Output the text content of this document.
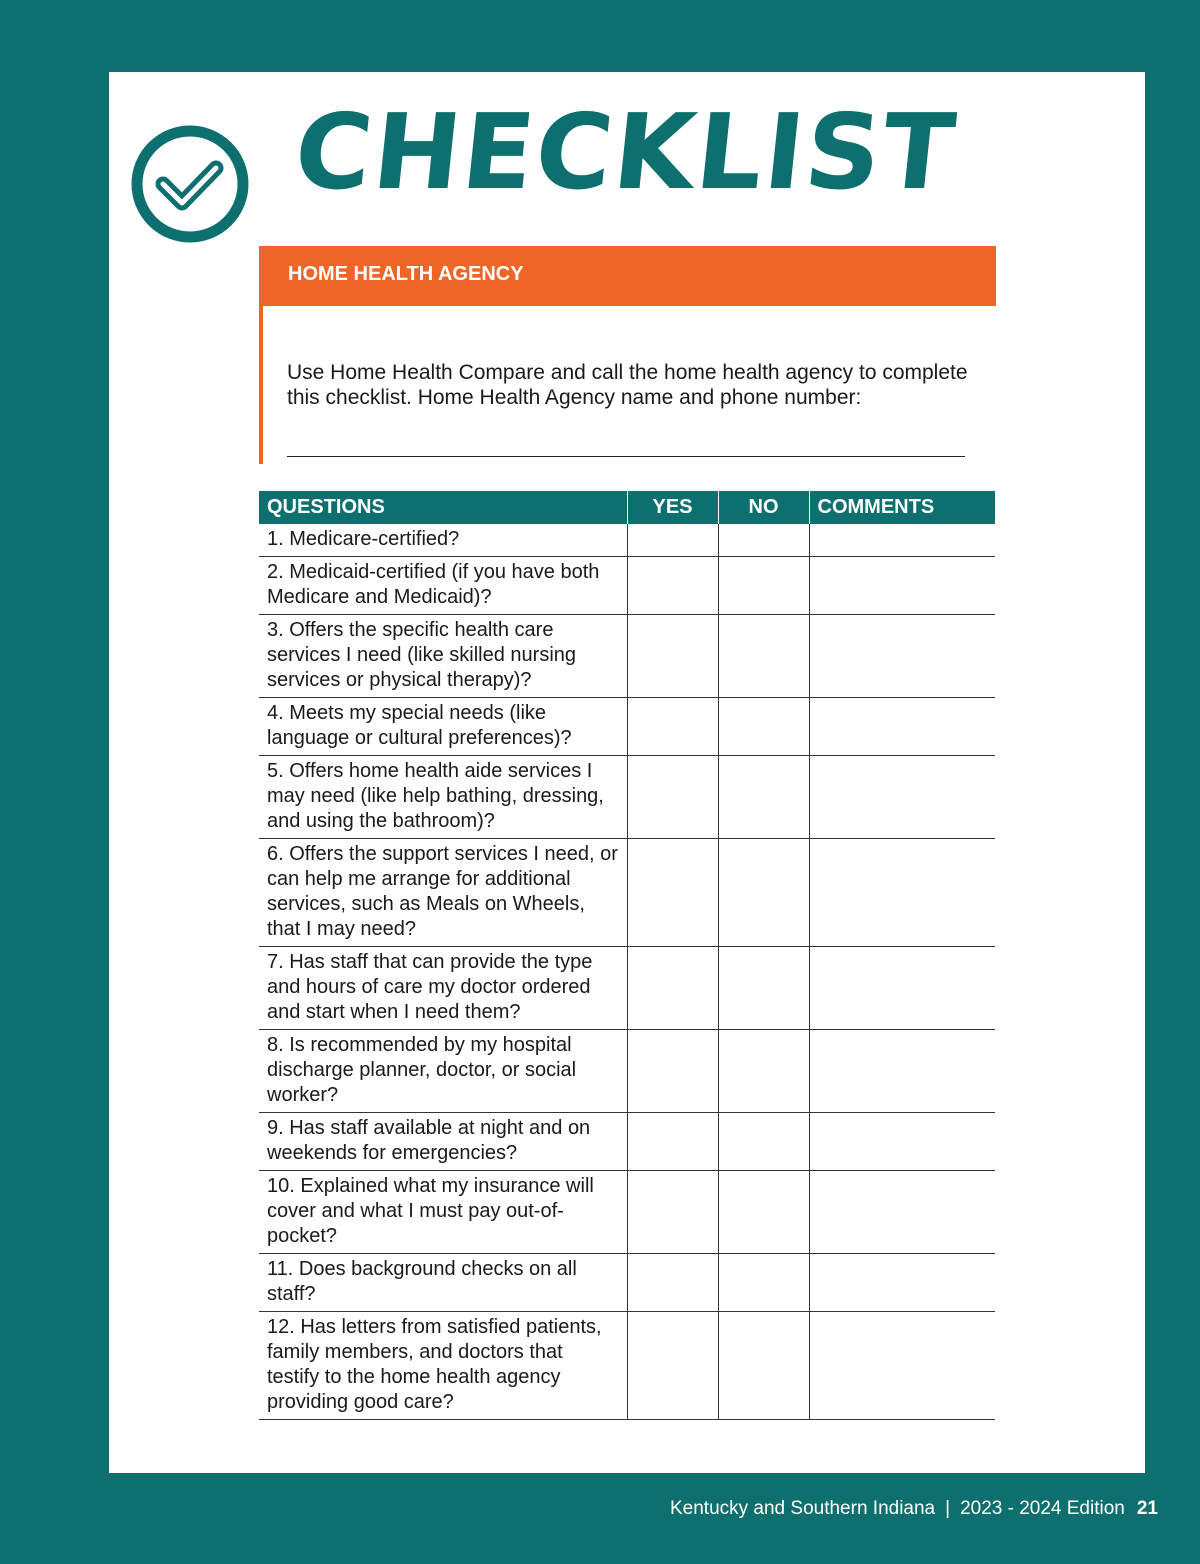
CHECKLIST
HOME HEALTH AGENCY
Use Home Health Compare and call the home health agency to complete this checklist. Home Health Agency name and phone number:
QUESTIONS	YES	NO	COMMENTS
1. Medicare-certified?			
2. Medicaid-certified (if you have both Medicare and Medicaid)?			
3. Offers the specific health care services I need (like skilled nursing services or physical therapy)?			
4. Meets my special needs (like language or cultural preferences)?			
5. Offers home health aide services I may need (like help bathing, dressing, and using the bathroom)?			
6. Offers the support services I need, or can help me arrange for additional services, such as Meals on Wheels, that I may need?			
7. Has staff that can provide the type and hours of care my doctor ordered and start when I need them?			
8. Is recommended by my hospital discharge planner, doctor, or social worker?			
9. Has staff available at night and on weekends for emergencies?			
10. Explained what my insurance will cover and what I must pay out-of-pocket?			
11. Does background checks on all staff?			
12. Has letters from satisfied patients, family members, and doctors that testify to the home health agency providing good care?			
Kentucky and Southern Indiana | 2023 - 2024 Edition 21
